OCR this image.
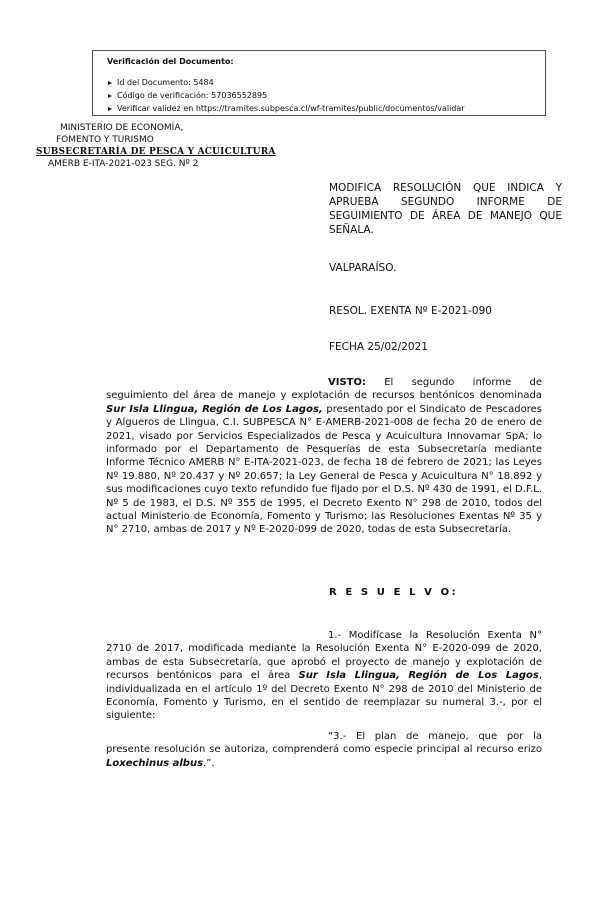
Verificación del Documento:
Id del Documento: 5484
Código de verificación: 57036552895
Verificar validez en https://tramites.subpesca.cl/wf-tramites/public/documentos/validar
MINISTERIO DE ECONOMÍA,
FOMENTO Y TURISMO
SUBSECRETARÍA DE PESCA Y ACUICULTURA
AMERB E-ITA-2021-023 SEG. Nº 2
MODIFICA RESOLUCIÓN QUE INDICA Y APRUEBA SEGUNDO INFORME DE SEGUIMIENTO DE ÁREA DE MANEJO QUE SEÑALA.
VALPARAÍSO.
RESOL. EXENTA Nº E-2021-090
FECHA 25/02/2021
VISTO: El segundo informe de seguimiento del área de manejo y explotación de recursos bentónicos denominada Sur Isla Llingua, Región de Los Lagos, presentado por el Sindicato de Pescadores y Algueros de Llingua, C.I. SUBPESCA N° E-AMERB-2021-008 de fecha 20 de enero de 2021, visado por Servicios Especializados de Pesca y Acuicultura Innovamar SpA; lo informado por el Departamento de Pesquerías de esta Subsecretaría mediante Informe Técnico AMERB N° E-ITA-2021-023, de fecha 18 de febrero de 2021; las Leyes Nº 19.880, Nº 20.437 y Nº 20.657; la Ley General de Pesca y Acuicultura N° 18.892 y sus modificaciones cuyo texto refundido fue fijado por el D.S. Nº 430 de 1991, el D.F.L. Nº 5 de 1983, el D.S. Nº 355 de 1995, el Decreto Exento N° 298 de 2010, todos del actual Ministerio de Economía, Fomento y Turismo; las Resoluciones Exentas Nº 35 y N° 2710, ambas de 2017 y Nº E-2020-099 de 2020, todas de esta Subsecretaría.
R E S U E L V O:
1.- Modifícase la Resolución Exenta N° 2710 de 2017, modificada mediante la Resolución Exenta N° E-2020-099 de 2020, ambas de esta Subsecretaría, que aprobó el proyecto de manejo y explotación de recursos bentónicos para el área Sur Isla Llingua, Región de Los Lagos, individualizada en el artículo 1º del Decreto Exento N° 298 de 2010 del Ministerio de Economía, Fomento y Turismo, en el sentido de reemplazar su numeral 3.-, por el siguiente:
“3.- El plan de manejo, que por la presente resolución se autoriza, comprenderá como especie principal al recurso erizo Loxechinus albus.”.
